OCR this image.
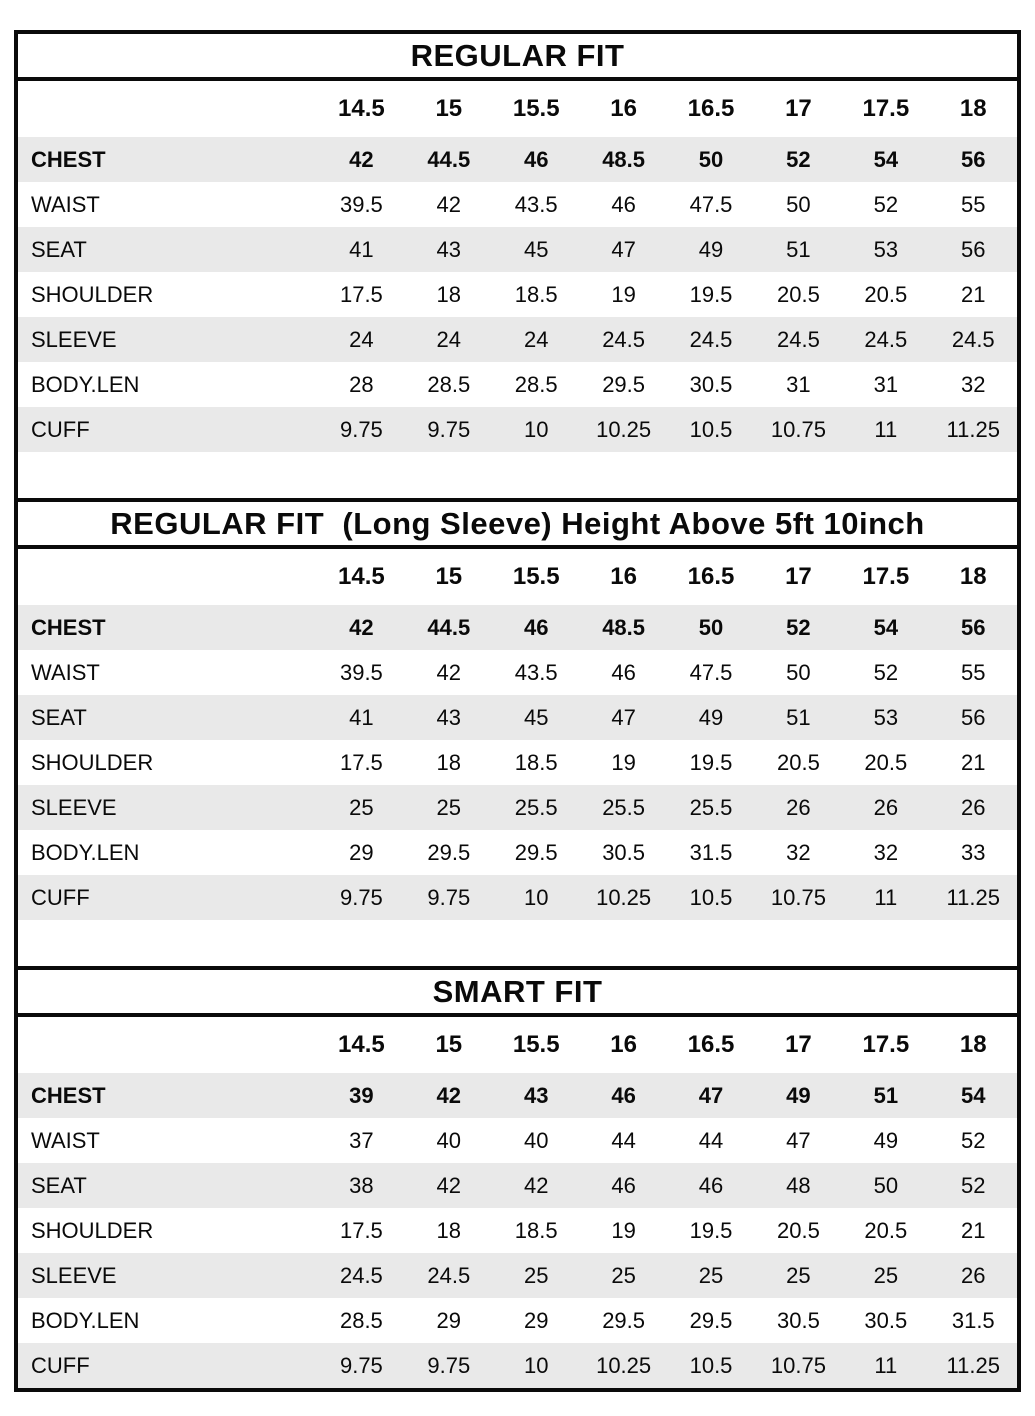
REGULAR FIT
	14.5	15	15.5	16	16.5	17	17.5	18
CHEST	42	44.5	46	48.5	50	52	54	56
WAIST	39.5	42	43.5	46	47.5	50	52	55
SEAT	41	43	45	47	49	51	53	56
SHOULDER	17.5	18	18.5	19	19.5	20.5	20.5	21
SLEEVE	24	24	24	24.5	24.5	24.5	24.5	24.5
BODY.LEN	28	28.5	28.5	29.5	30.5	31	31	32
CUFF	9.75	9.75	10	10.25	10.5	10.75	11	11.25
REGULAR FIT  (Long Sleeve) Height Above 5ft 10inch
	14.5	15	15.5	16	16.5	17	17.5	18
CHEST	42	44.5	46	48.5	50	52	54	56
WAIST	39.5	42	43.5	46	47.5	50	52	55
SEAT	41	43	45	47	49	51	53	56
SHOULDER	17.5	18	18.5	19	19.5	20.5	20.5	21
SLEEVE	25	25	25.5	25.5	25.5	26	26	26
BODY.LEN	29	29.5	29.5	30.5	31.5	32	32	33
CUFF	9.75	9.75	10	10.25	10.5	10.75	11	11.25
SMART FIT
	14.5	15	15.5	16	16.5	17	17.5	18
CHEST	39	42	43	46	47	49	51	54
WAIST	37	40	40	44	44	47	49	52
SEAT	38	42	42	46	46	48	50	52
SHOULDER	17.5	18	18.5	19	19.5	20.5	20.5	21
SLEEVE	24.5	24.5	25	25	25	25	25	26
BODY.LEN	28.5	29	29	29.5	29.5	30.5	30.5	31.5
CUFF	9.75	9.75	10	10.25	10.5	10.75	11	11.25
